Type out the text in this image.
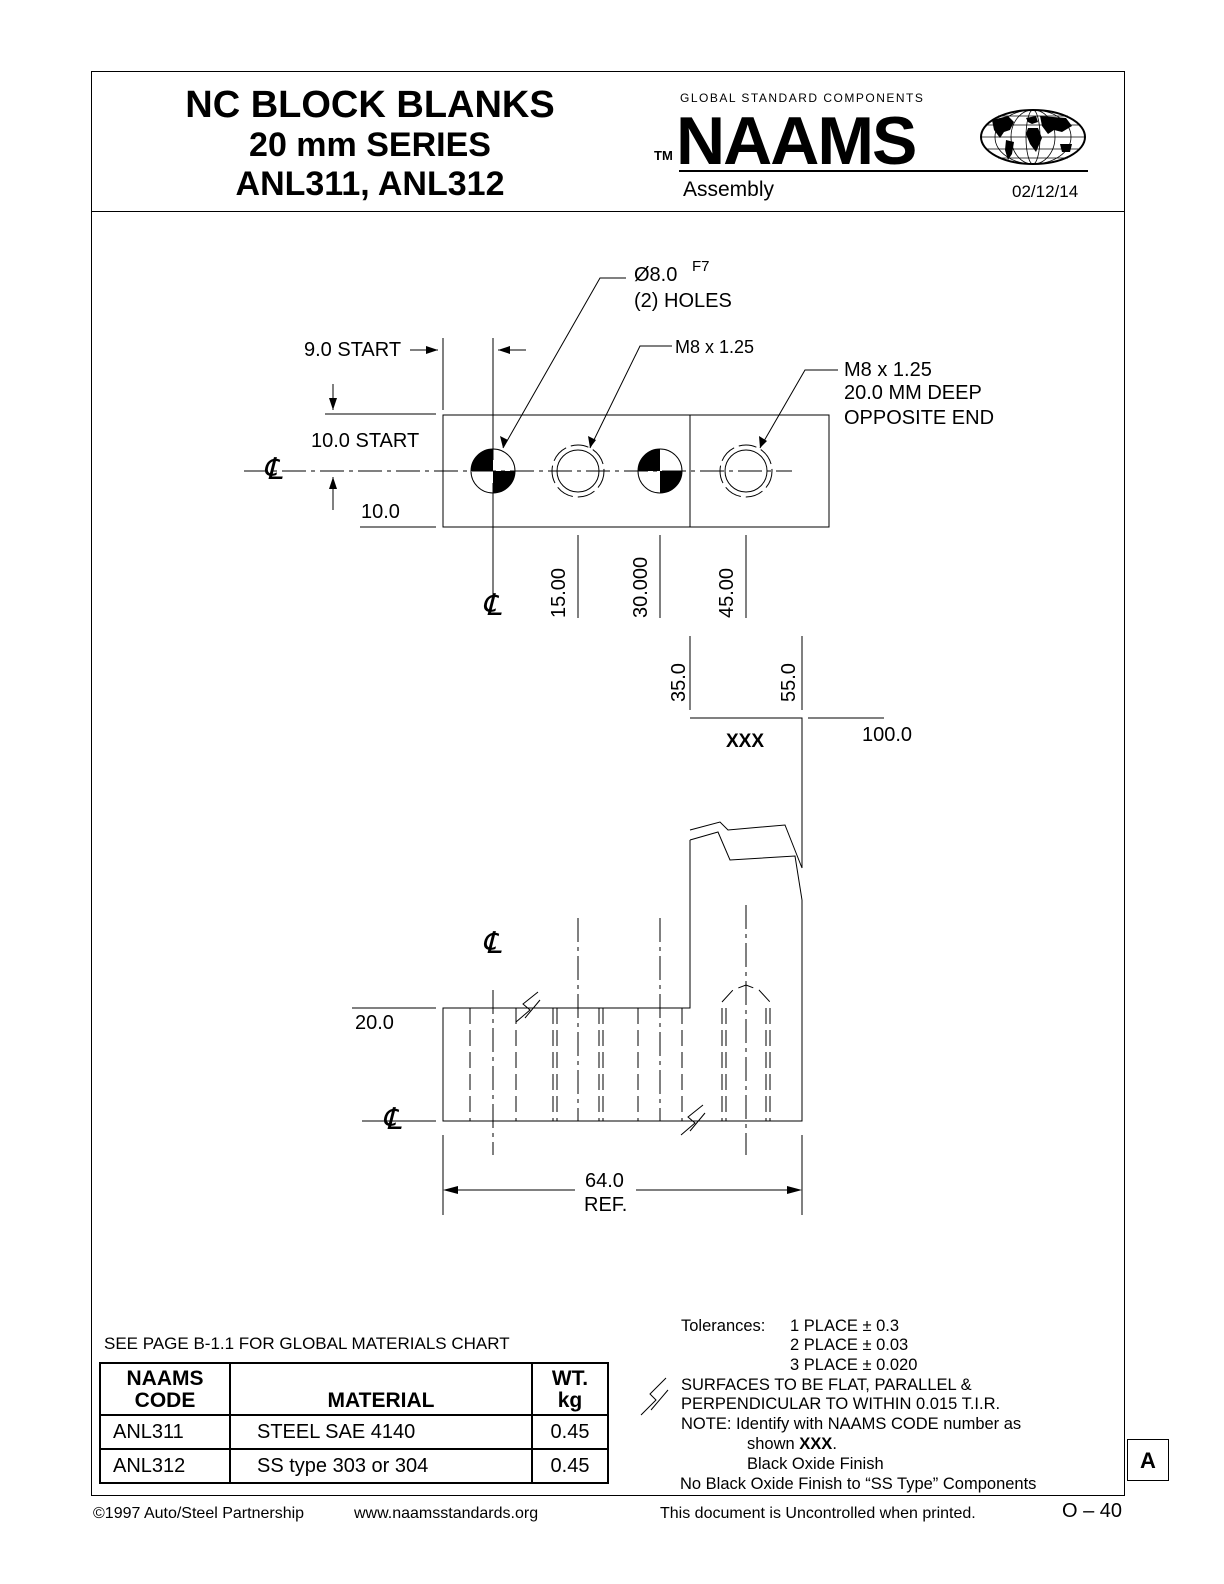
NC BLOCK BLANKS
20 mm SERIES
ANL311, ANL312
GLOBAL STANDARD COMPONENTS
TM NAAMS
Assembly	02/12/14
℄
℄
℄
℄
Ø8.0 F7
(2) HOLES
M8 x 1.25
M8 x 1.25
20.0 MM DEEP
OPPOSITE END
9.0 START
10.0 START
10.0
15.00	30.000	45.00
35.0	55.0
100.0
XXX
20.0
64.0
REF.
SEE PAGE B-1.1 FOR GLOBAL MATERIALS CHART
NAAMS
CODE	MATERIAL	WT.
kg
ANL311	STEEL SAE 4140	0.45
ANL312	SS type 303 or 304	0.45
Tolerances: 1 PLACE ± 0.3
2 PLACE ± 0.03
3 PLACE ± 0.020
SURFACES TO BE FLAT, PARALLEL &
PERPENDICULAR TO WITHIN 0.015 T.I.R.
NOTE: Identify with NAAMS CODE number as
shown XXX.
Black Oxide Finish
No Black Oxide Finish to “SS Type” Components
A
©1997 Auto/Steel Partnership	www.naamsstandards.org	This document is Uncontrolled when printed.	O – 40
